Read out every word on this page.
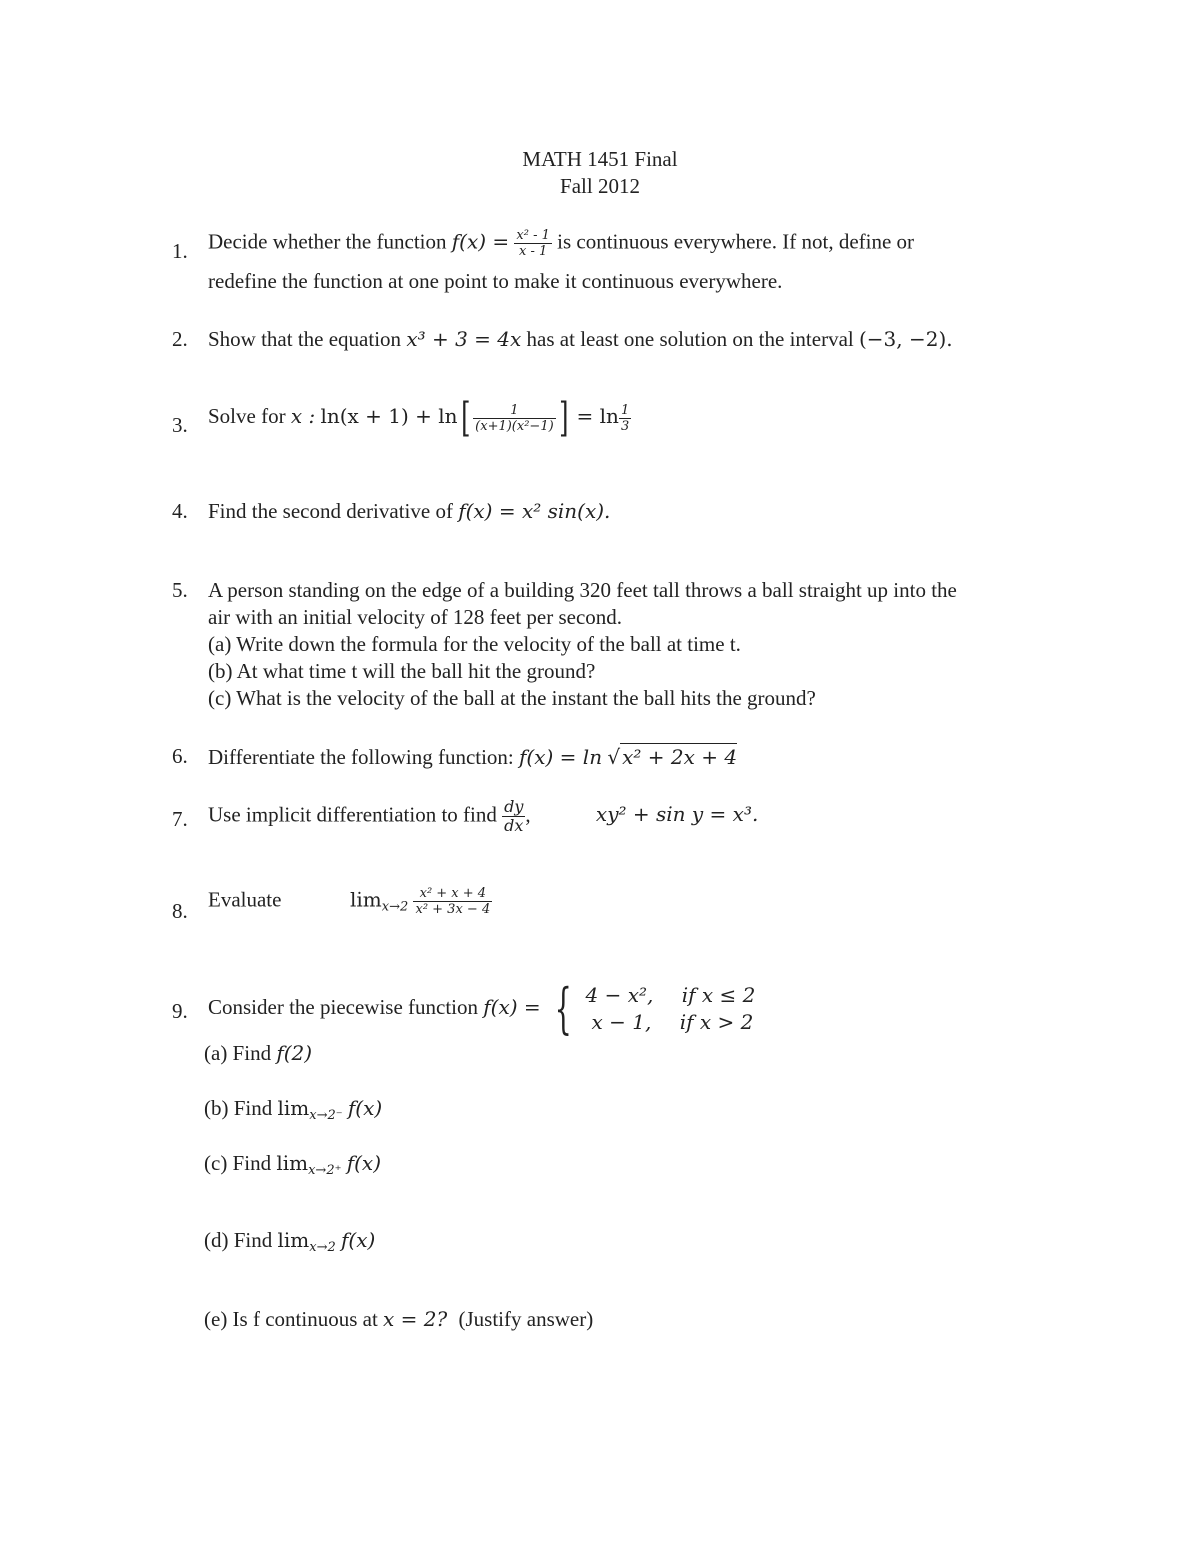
MATH 1451 Final
Fall 2012
1. Decide whether the function $f(x) = \frac{\text{x² - 1}}{x - 1}$ is continuous everywhere. If not, define or
redefine the function at one point to make it continuous everywhere.
2. Show that the equation x³ + 3 = 4x has at least one solution on the interval (−3, −2).
3. Solve for x : $\ln(x + 1) + \ln[ \frac{1}{\text{(x+1)(x²−1)}}$ ] = $\ln \frac{1}{3}$
4. Find the second derivative of f(x) = x² sin(x).
5. A person standing on the edge of a building 320 feet tall throws a ball straight up into the
air with an initial velocity of 128 feet per second.
(a) Write down the formula for the velocity of the ball at time t.
(b) At what time t will the ball hit the ground?
(c) What is the velocity of the ball at the instant the ball hits the ground?
6. Differentiate the following function: f(x) = ln √ x² + 2x + 4
7. Use implicit differentiation to find $\frac{dy}{dx}$ ,	xy² + sin y = x³.
8. Evaluate	$\lim_{x\to 2} \frac{\text{x² + x + 4}}{\text{x² + 3x − 4}}$
9. Consider the piecewise function f(x) = { 4 − x², if x ≤ 2
x − 1, if x > 2
(a) Find f(2)
(b) Find $\lim_{x\to 2^-} f(x)$
(c) Find $\lim_{x\to 2^+} f(x)$
(d) Find $\lim_{x\to 2} f(x)$
(e) Is f continuous at x = 2? (Justify answer)
